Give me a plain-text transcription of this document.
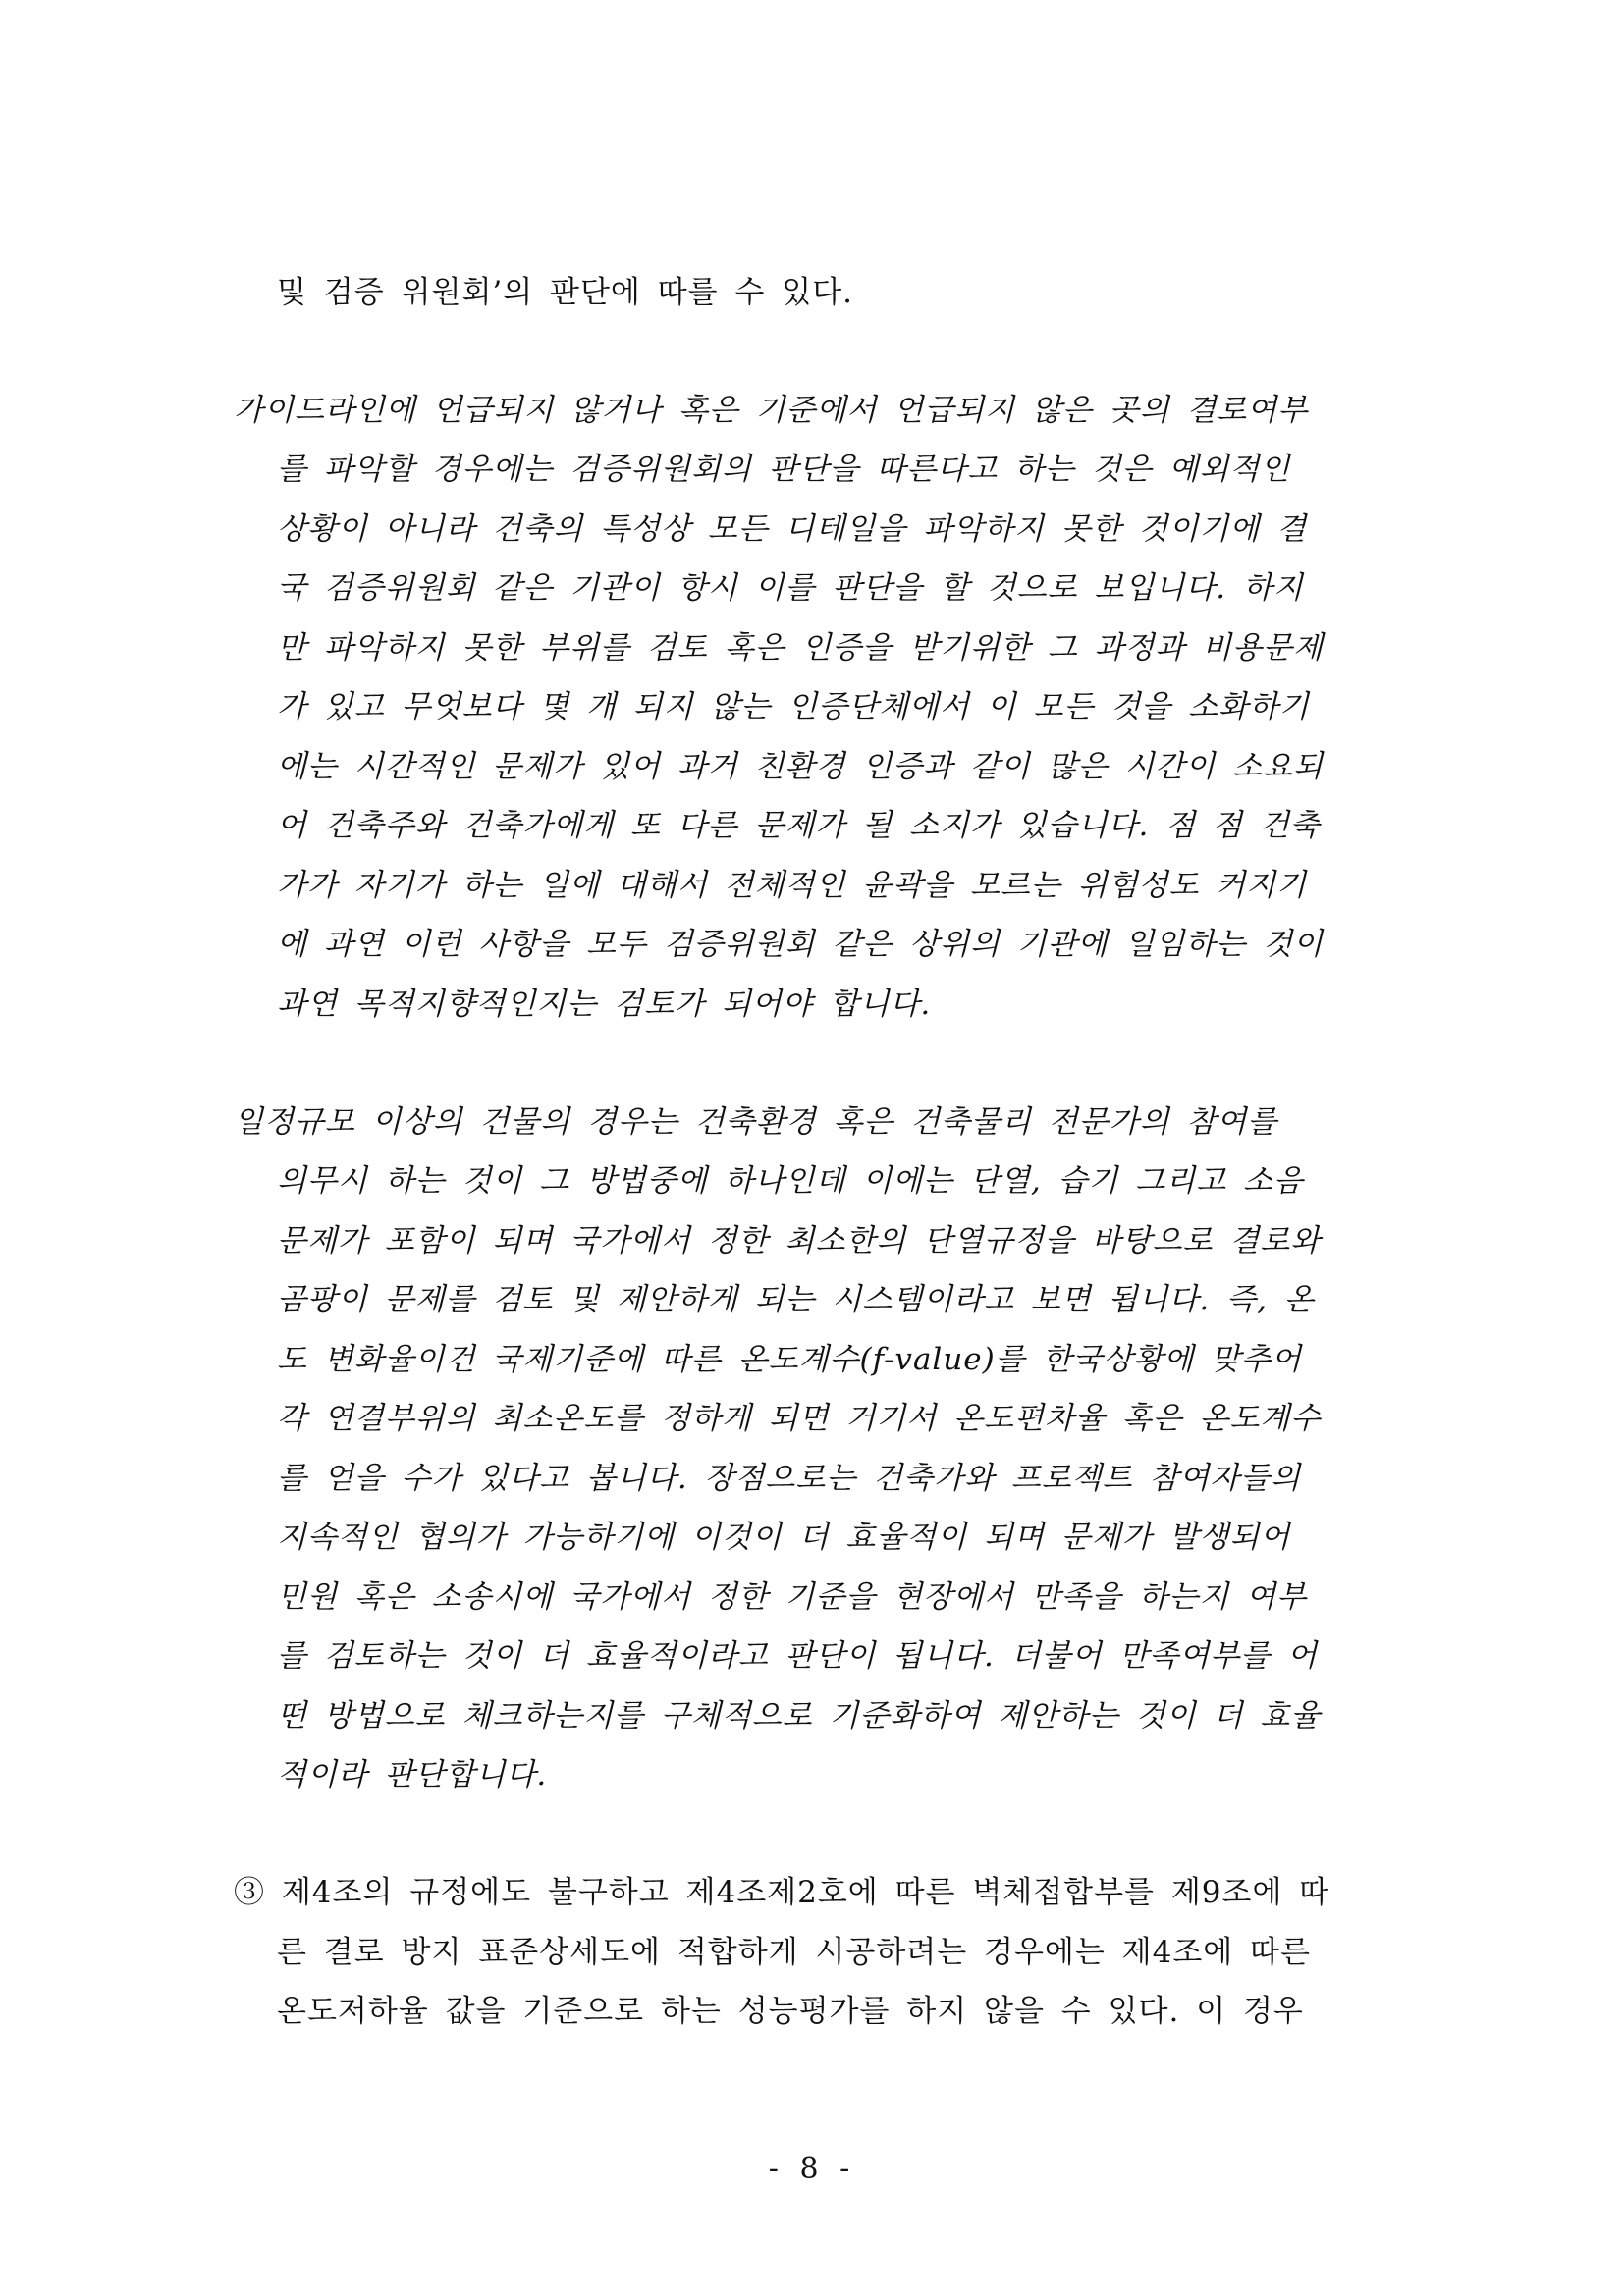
및 검증 위원회’의 판단에 따를 수 있다.
가이드라인에 언급되지 않거나 혹은 기준에서 언급되지 않은 곳의 결로여부
를 파악할 경우에는 검증위원회의 판단을 따른다고 하는 것은 예외적인
상황이 아니라 건축의 특성상 모든 디테일을 파악하지 못한 것이기에 결
국 검증위원회 같은 기관이 항시 이를 판단을 할 것으로 보입니다. 하지
만 파악하지 못한 부위를 검토 혹은 인증을 받기위한 그 과정과 비용문제
가 있고 무엇보다 몇 개 되지 않는 인증단체에서 이 모든 것을 소화하기
에는 시간적인 문제가 있어 과거 친환경 인증과 같이 많은 시간이 소요되
어 건축주와 건축가에게 또 다른 문제가 될 소지가 있습니다. 점 점 건축
가가 자기가 하는 일에 대해서 전체적인 윤곽을 모르는 위험성도 커지기
에 과연 이런 사항을 모두 검증위원회 같은 상위의 기관에 일임하는 것이
과연 목적지향적인지는 검토가 되어야 합니다.
일정규모 이상의 건물의 경우는 건축환경 혹은 건축물리 전문가의 참여를
의무시 하는 것이 그 방법중에 하나인데 이에는 단열, 습기 그리고 소음
문제가 포함이 되며 국가에서 정한 최소한의 단열규정을 바탕으로 결로와
곰팡이 문제를 검토 및 제안하게 되는 시스템이라고 보면 됩니다. 즉, 온
도 변화율이건 국제기준에 따른 온도계수(f-value)를 한국상황에 맞추어
각 연결부위의 최소온도를 정하게 되면 거기서 온도편차율 혹은 온도계수
를 얻을 수가 있다고 봅니다. 장점으로는 건축가와 프로젝트 참여자들의
지속적인 협의가 가능하기에 이것이 더 효율적이 되며 문제가 발생되어
민원 혹은 소송시에 국가에서 정한 기준을 현장에서 만족을 하는지 여부
를 검토하는 것이 더 효율적이라고 판단이 됩니다. 더불어 만족여부를 어
떤 방법으로 체크하는지를 구체적으로 기준화하여 제안하는 것이 더 효율
적이라 판단합니다.
③ 제4조의 규정에도 불구하고 제4조제2호에 따른 벽체접합부를 제9조에 따
른 결로 방지 표준상세도에 적합하게 시공하려는 경우에는 제4조에 따른
온도저하율 값을 기준으로 하는 성능평가를 하지 않을 수 있다. 이 경우
- 8 -
